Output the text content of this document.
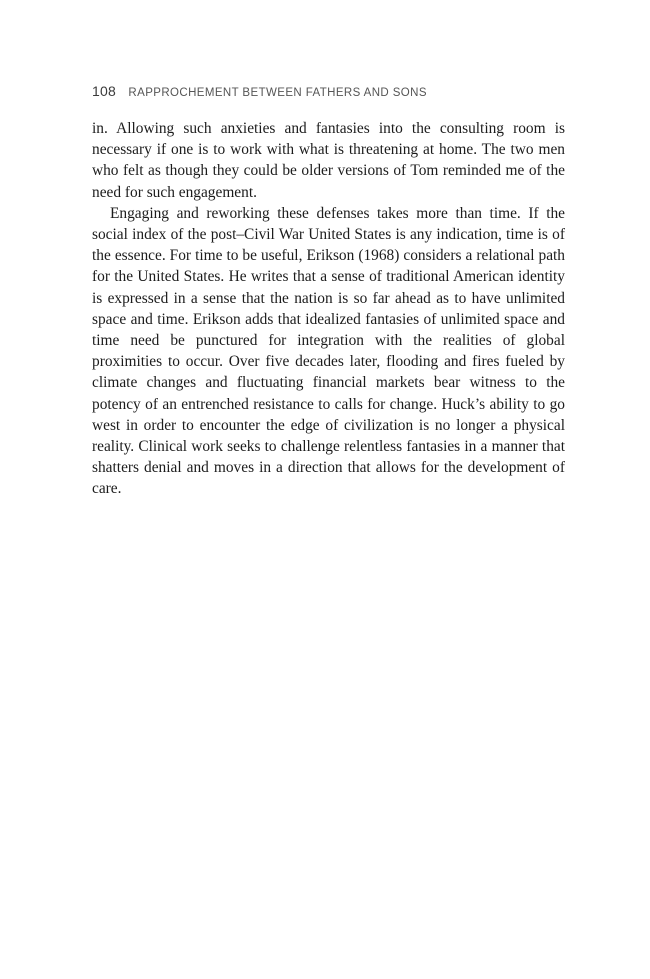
108 RAPPROCHEMENT BETWEEN FATHERS AND SONS

in. Allowing such anxieties and fantasies into the consulting room is necessary if one is to work with what is threatening at home. The two men who felt as though they could be older versions of Tom reminded me of the need for such engagement.

Engaging and reworking these defenses takes more than time. If the social index of the post–Civil War United States is any indication, time is of the essence. For time to be useful, Erikson (1968) considers a relational path for the United States. He writes that a sense of traditional American identity is expressed in a sense that the nation is so far ahead as to have unlimited space and time. Erikson adds that idealized fantasies of unlimited space and time need be punctured for integration with the realities of global proximities to occur. Over five decades later, flooding and fires fueled by climate changes and fluctuating financial markets bear witness to the potency of an entrenched resistance to calls for change. Huck’s ability to go west in order to encounter the edge of civilization is no longer a physical reality. Clinical work seeks to challenge relentless fantasies in a manner that shatters denial and moves in a direction that allows for the development of care.
